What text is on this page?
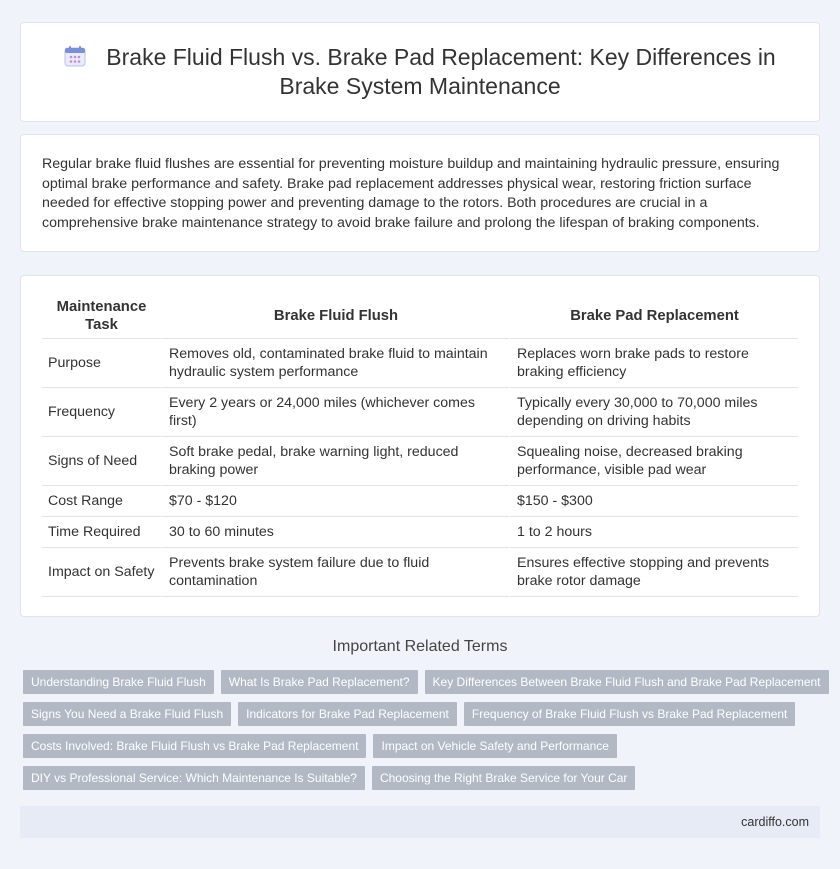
Brake Fluid Flush vs. Brake Pad Replacement: Key Differences in
Brake System Maintenance

Regular brake fluid flushes are essential for preventing moisture buildup and maintaining hydraulic pressure, ensuring optimal brake performance and safety. Brake pad replacement addresses physical wear, restoring friction surface needed for effective stopping power and preventing damage to the rotors. Both procedures are crucial in a comprehensive brake maintenance strategy to avoid brake failure and prolong the lifespan of braking components.

Maintenance Task	Brake Fluid Flush	Brake Pad Replacement
Purpose	Removes old, contaminated brake fluid to maintain hydraulic system performance	Replaces worn brake pads to restore braking efficiency
Frequency	Every 2 years or 24,000 miles (whichever comes first)	Typically every 30,000 to 70,000 miles depending on driving habits
Signs of Need	Soft brake pedal, brake warning light, reduced braking power	Squealing noise, decreased braking performance, visible pad wear
Cost Range	$70 - $120	$150 - $300
Time Required	30 to 60 minutes	1 to 2 hours
Impact on Safety	Prevents brake system failure due to fluid contamination	Ensures effective stopping and prevents brake rotor damage
Important Related Terms
Understanding Brake Fluid Flush	What Is Brake Pad Replacement?	Key Differences Between Brake Fluid Flush and Brake Pad Replacement
Signs You Need a Brake Fluid Flush	Indicators for Brake Pad Replacement	Frequency of Brake Fluid Flush vs Brake Pad Replacement
Costs Involved: Brake Fluid Flush vs Brake Pad Replacement	Impact on Vehicle Safety and Performance
DIY vs Professional Service: Which Maintenance Is Suitable?	Choosing the Right Brake Service for Your Car
cardiffo.com
